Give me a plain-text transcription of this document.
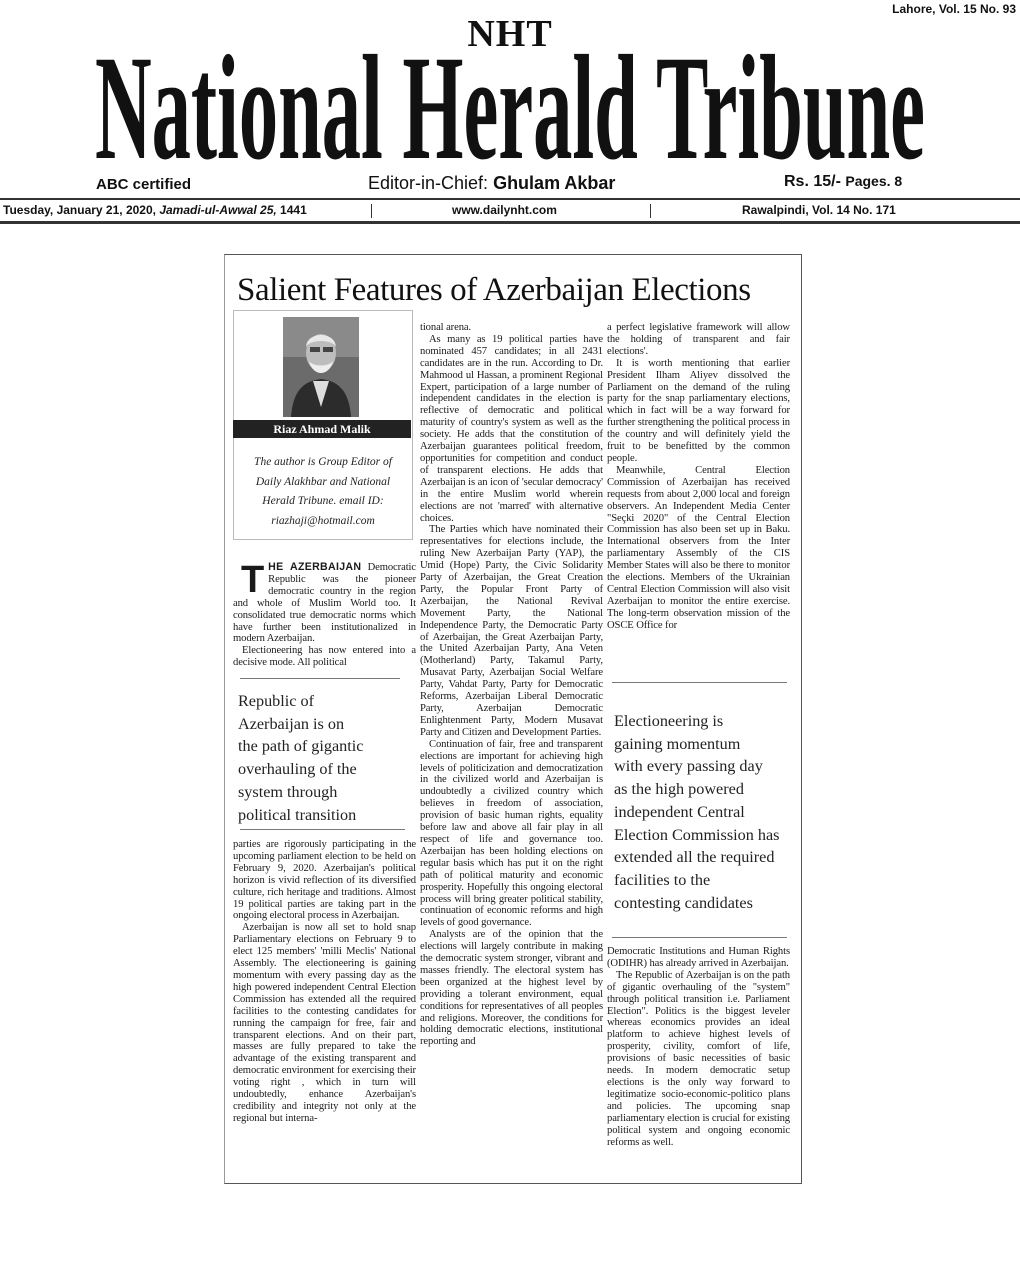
Lahore, Vol. 15 No. 93
NHT
National Herald Tribune
ABC certified	Editor-in-Chief: Ghulam Akbar	Rs. 15/- Pages. 8
Tuesday, January 21, 2020, Jamadi-ul-Awwal 25, 1441	www.dailynht.com	Rawalpindi, Vol. 14 No. 171
Salient Features of Azerbaijan Elections
Riaz Ahmad Malik
The author is Group Editor of Daily Alakhbar and National Herald Tribune. email ID: riazhaji@hotmail.com

THE AZERBAIJAN Democratic Republic was the pioneer democratic country in the region and whole of Muslim World too. It consolidated true democratic norms which have further been institutionalized in modern Azerbaijan.

Electioneering has now entered into a decisive mode. All political

Republic of
Azerbaijan is on
the path of gigantic
overhauling of the
system through
political transition

parties are rigorously participating in the upcoming parliament election to be held on February 9, 2020. Azerbaijan's political horizon is vivid reflection of its diversified culture, rich heritage and traditions. Almost 19 political parties are taking part in the ongoing electoral process in Azerbaijan.

Azerbaijan is now all set to hold snap Parliamentary elections on February 9 to elect 125 members' 'milli Meclis' National Assembly. The electioneering is gaining momentum with every passing day as the high powered independent Central Election Commission has extended all the required facilities to the contesting candidates for running the campaign for free, fair and transparent elections. And on their part, masses are fully prepared to take the advantage of the existing transparent and democratic environment for exercising their voting right , which in turn will undoubtedly, enhance Azerbaijan's credibility and integrity not only at the regional but interna-

tional arena.

As many as 19 political parties have nominated 457 candidates; in all 2431 candidates are in the run. According to Dr. Mahmood ul Hassan, a prominent Regional Expert, participation of a large number of independent candidates in the election is reflective of democratic and political maturity of country's system as well as the society. He adds that the constitution of Azerbaijan guarantees political freedom, opportunities for competition and conduct of transparent elections. He adds that Azerbaijan is an icon of 'secular democracy' in the entire Muslim world wherein elections are not 'marred' with alternative choices.

The Parties which have nominated their representatives for elections include, the ruling New Azerbaijan Party (YAP), the Umid (Hope) Party, the Civic Solidarity Party of Azerbaijan, the Great Creation Party, the Popular Front Party of Azerbaijan, the National Revival Movement Party, the National Independence Party, the Democratic Party of Azerbaijan, the Great Azerbaijan Party, the United Azerbaijan Party, Ana Veten (Motherland) Party, Takamul Party, Musavat Party, Azerbaijan Social Welfare Party, Vahdat Party, Party for Democratic Reforms, Azerbaijan Liberal Democratic Party, Azerbaijan Democratic Enlightenment Party, Modern Musavat Party and Citizen and Development Parties.

Continuation of fair, free and transparent elections are important for achieving high levels of politicization and democratization in the civilized world and Azerbaijan is undoubtedly a civilized country which believes in freedom of association, provision of basic human rights, equality before law and above all fair play in all respect of life and governance too. Azerbaijan has been holding elections on regular basis which has put it on the right path of political maturity and economic prosperity. Hopefully this ongoing electoral process will bring greater political stability, continuation of economic reforms and high levels of good governance.

Analysts are of the opinion that the elections will largely contribute in making the democratic system stronger, vibrant and masses friendly. The electoral system has been organized at the highest level by providing a tolerant environment, equal conditions for representatives of all peoples and religions. Moreover, the conditions for holding democratic elections, institutional reporting and

a perfect legislative framework will allow the holding of transparent and fair elections'.

It is worth mentioning that earlier President Ilham Aliyev dissolved the Parliament on the demand of the ruling party for the snap parliamentary elections, which in fact will be a way forward for further strengthening the political process in the country and will definitely yield the fruit to be benefitted by the common people.

Meanwhile, Central Election Commission of Azerbaijan has received requests from about 2,000 local and foreign observers. An Independent Media Center "Seçki 2020" of the Central Election Commission has also been set up in Baku. International observers from the Inter parliamentary Assembly of the CIS Member States will also be there to monitor the elections. Members of the Ukrainian Central Election Commission will also visit Azerbaijan to monitor the entire exercise. The long-term observation mission of the OSCE Office for

Electioneering is
gaining momentum
with every passing day
as the high powered
independent Central
Election Commission has
extended all the required
facilities to the
contesting candidates

Democratic Institutions and Human Rights (ODIHR) has already arrived in Azerbaijan.

The Republic of Azerbaijan is on the path of gigantic overhauling of the "system" through political transition i.e. Parliament Election". Politics is the biggest leveler whereas economics provides an ideal platform to achieve highest levels of prosperity, civility, comfort of life, provisions of basic necessities of basic needs. In modern democratic setup elections is the only way forward to legitimatize socio-economic-politico plans and policies. The upcoming snap parliamentary election is crucial for existing political system and ongoing economic reforms as well.
